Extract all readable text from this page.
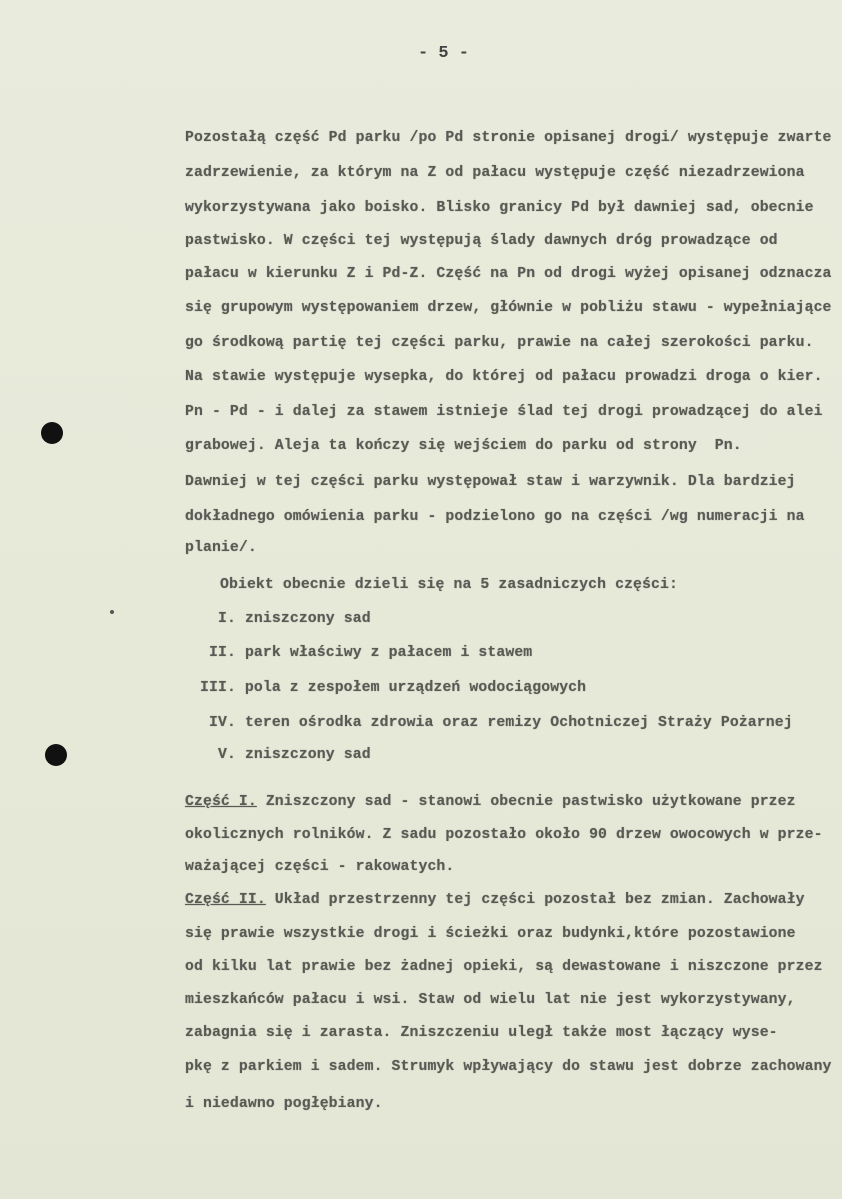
- 5 -
Pozostałą część Pd parku /po Pd stronie opisanej drogi/ występuje zwarte
zadrzewienie, za którym na Z od pałacu występuje część niezadrzewiona
wykorzystywana jako boisko. Blisko granicy Pd był dawniej sad, obecnie
pastwisko. W części tej występują ślady dawnych dróg prowadzące od
pałacu w kierunku Z i Pd-Z. Część na Pn od drogi wyżej opisanej odznacza
się grupowym występowaniem drzew, głównie w pobliżu stawu - wypełniające
go środkową partię tej części parku, prawie na całej szerokości parku.
Na stawie występuje wysepka, do której od pałacu prowadzi droga o kier.
Pn - Pd - i dalej za stawem istnieje ślad tej drogi prowadzącej do alei
grabowej. Aleja ta kończy się wejściem do parku od strony  Pn.
Dawniej w tej części parku występował staw i warzywnik. Dla bardziej
dokładnego omówienia parku - podzielono go na części /wg numeracji na
planie/.
Obiekt obecnie dzieli się na 5 zasadniczych części:
I. zniszczony sad
II. park właściwy z pałacem i stawem
III. pola z zespołem urządzeń wodociągowych
IV. teren ośrodka zdrowia oraz remizy Ochotniczej Straży Pożarnej
V. zniszczony sad
Część I. Zniszczony sad - stanowi obecnie pastwisko użytkowane przez
okolicznych rolników. Z sadu pozostało około 90 drzew owocowych w prze-
ważającej części - rakowatych.
Część II. Układ przestrzenny tej części pozostał bez zmian. Zachowały
się prawie wszystkie drogi i ścieżki oraz budynki,które pozostawione
od kilku lat prawie bez żadnej opieki, są dewastowane i niszczone przez
mieszkańców pałacu i wsi. Staw od wielu lat nie jest wykorzystywany,
zabagnia się i zarasta. Zniszczeniu uległ także most łączący wyse-
pkę z parkiem i sadem. Strumyk wpływający do stawu jest dobrze zachowany
i niedawno pogłębiany.
